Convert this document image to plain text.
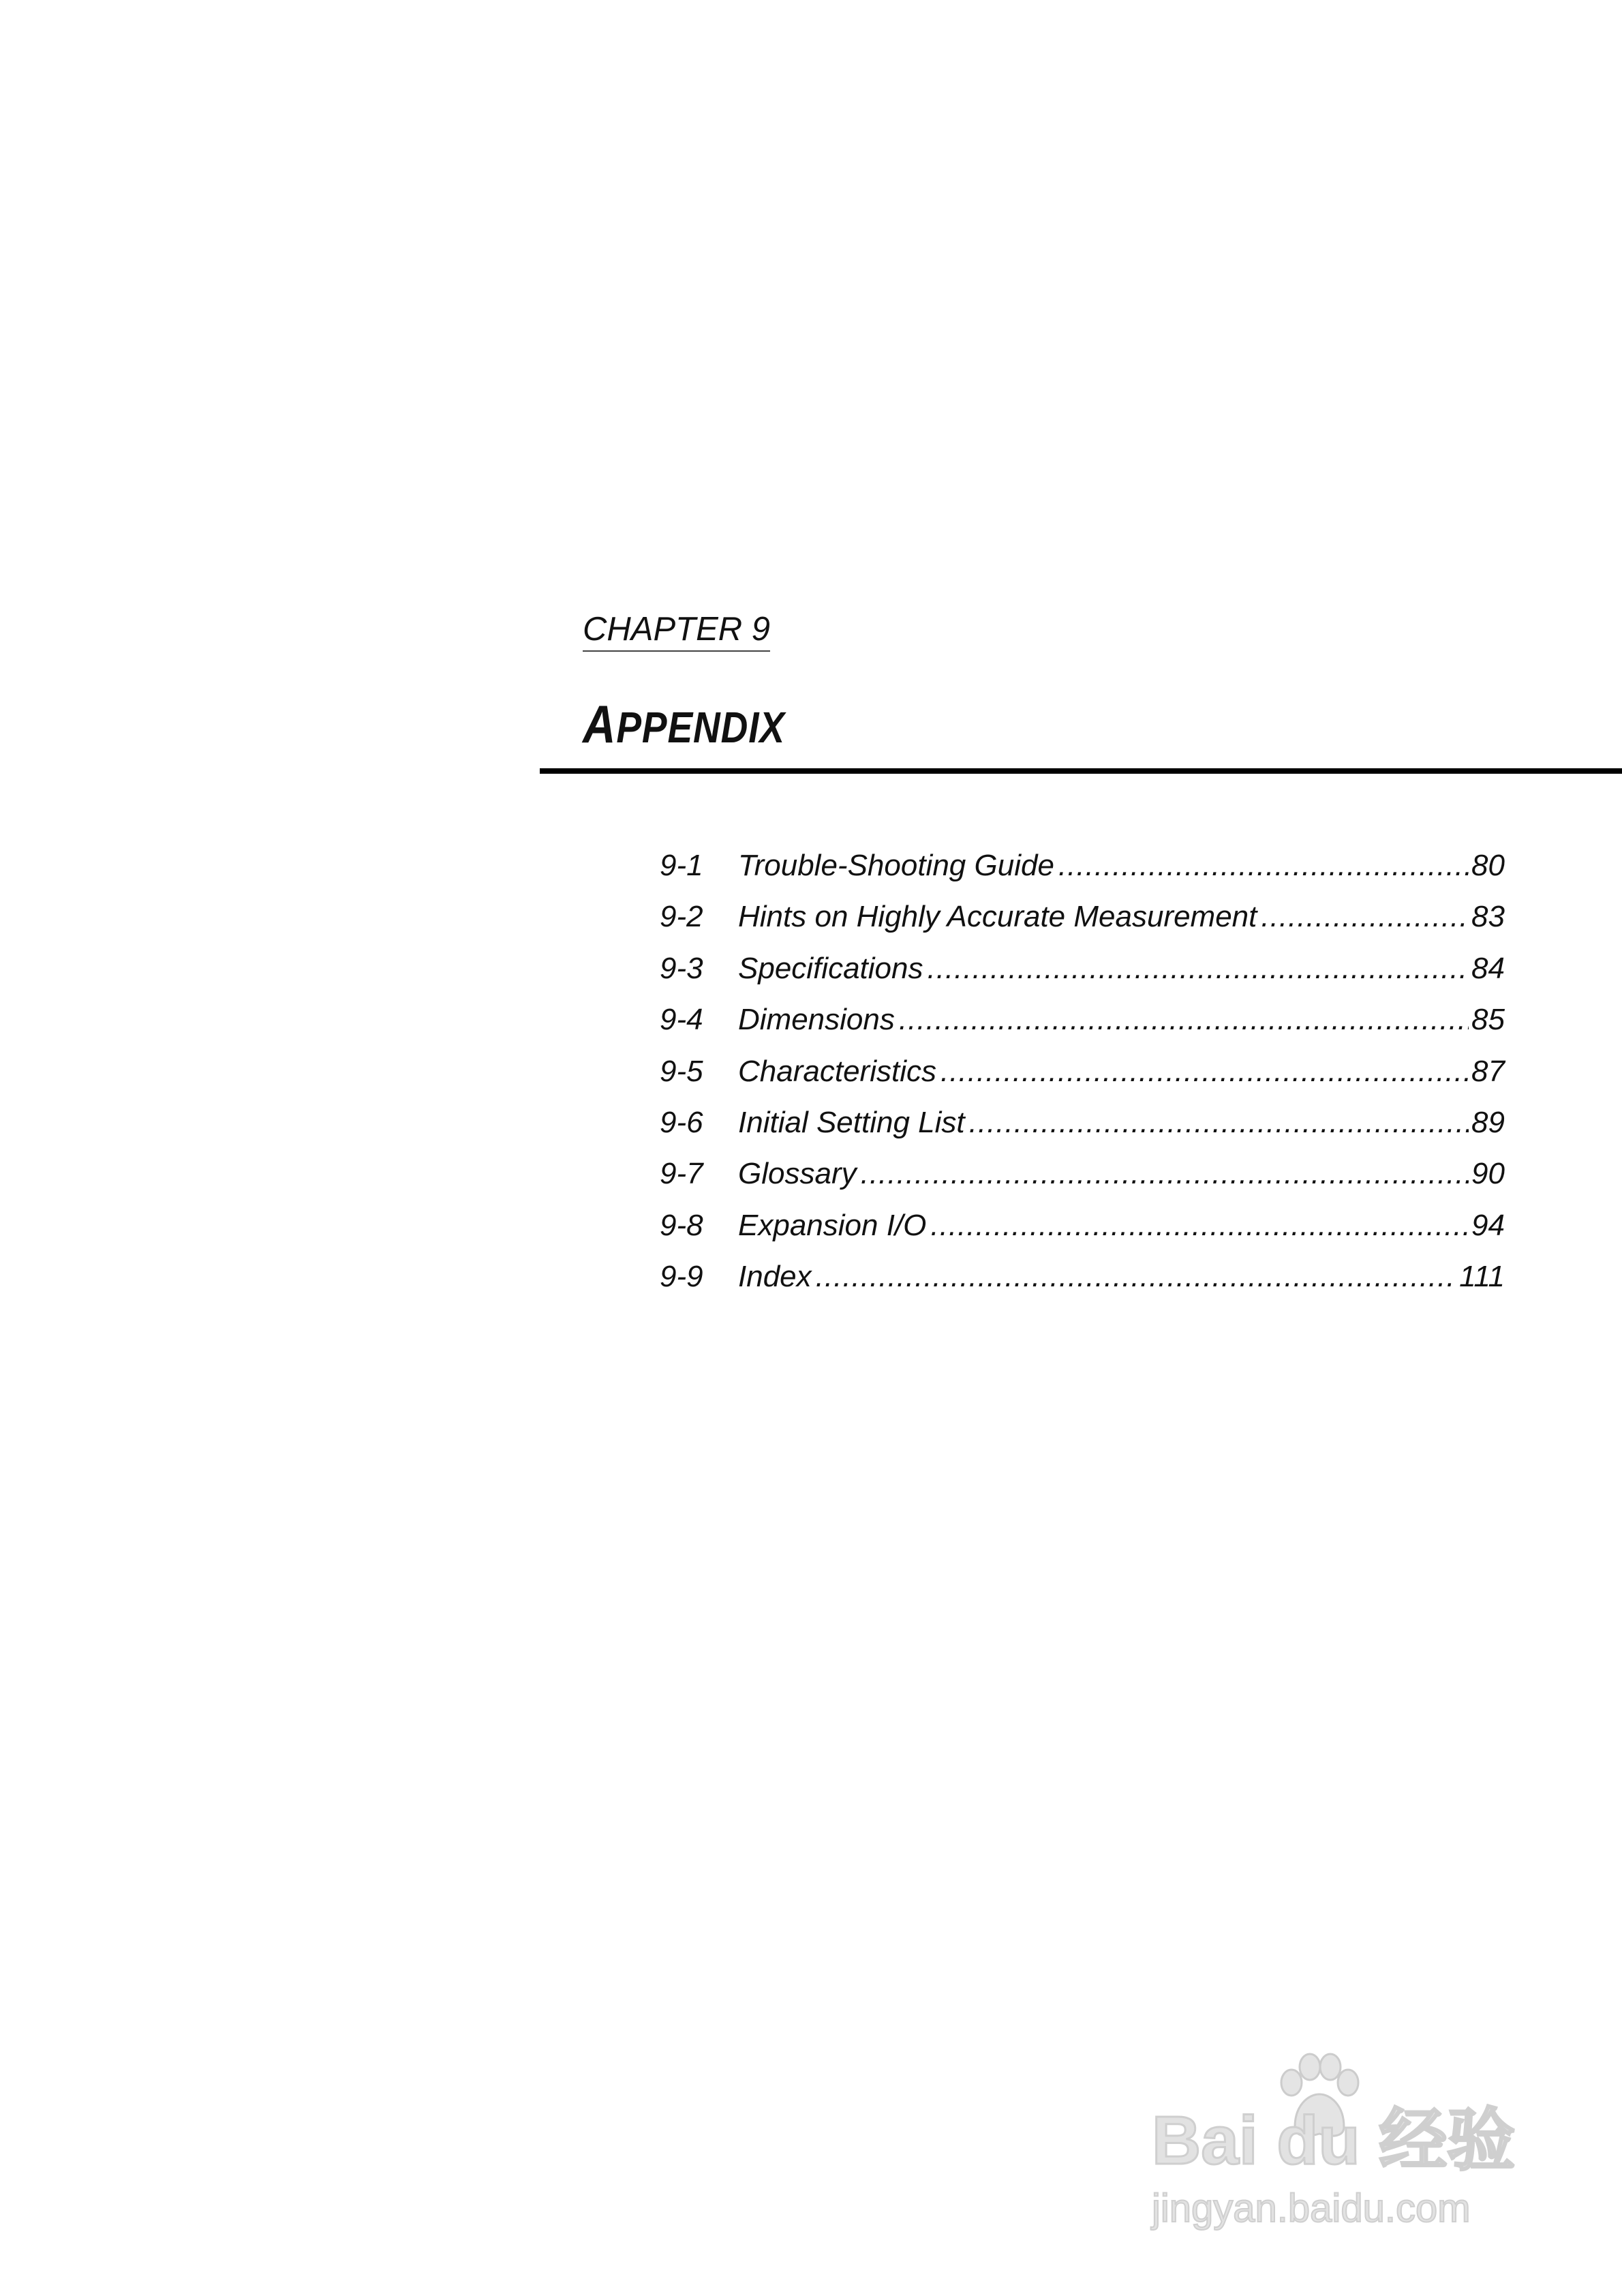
CHAPTER 9
APPENDIX
9-1	Trouble-Shooting Guide .....	80
9-2	Hints on Highly Accurate Measurement .....	83
9-3	Specifications .....	84
9-4	Dimensions .....	85
9-5	Characteristics .....	87
9-6	Initial Setting List .....	89
9-7	Glossary .....	90
9-8	Expansion I/O .....	94
9-9	Index .....	111
Bai du 经验
jingyan.baidu.com
